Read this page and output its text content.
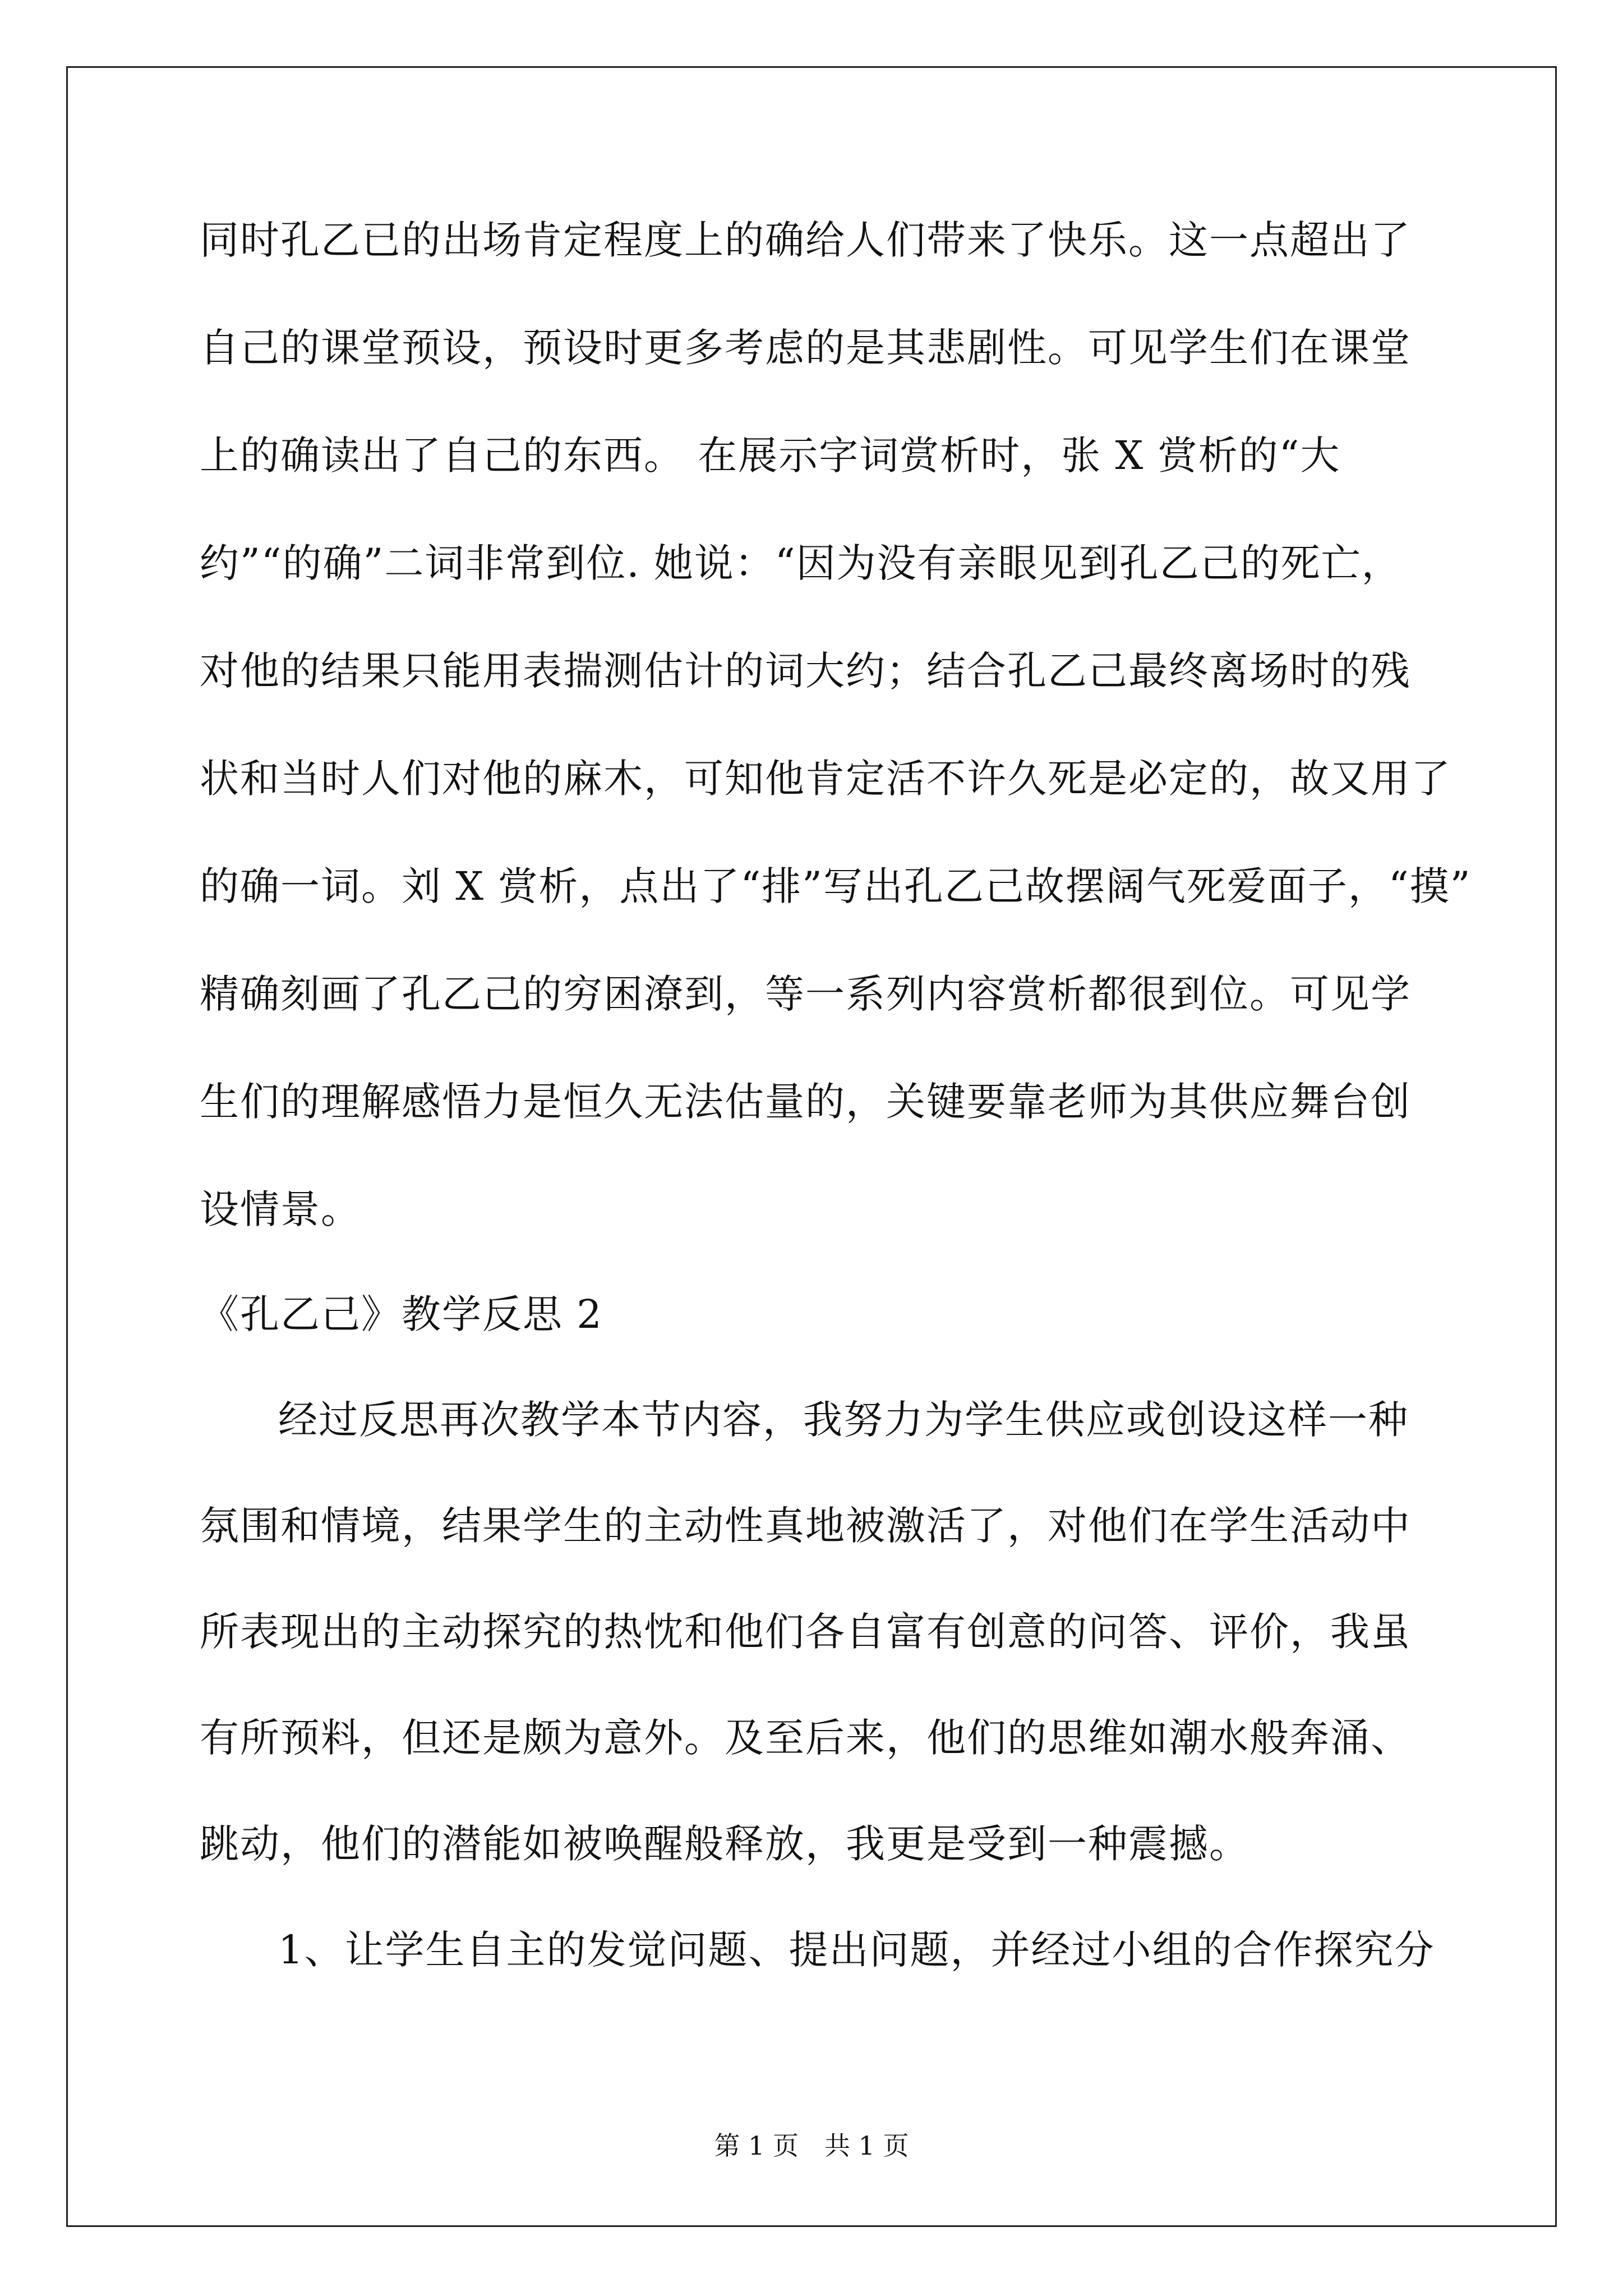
同时孔乙已的出场肯定程度上的确给人们带来了快乐。这一点超出了
自己的课堂预设，预设时更多考虑的是其悲剧性。可见学生们在课堂
上的确读出了自己的东西。 在展示字词赏析时，张 X 赏析的“大
约”“的确”二词非常到位. 她说：“因为没有亲眼见到孔乙己的死亡，
对他的结果只能用表揣测估计的词大约；结合孔乙己最终离场时的残
状和当时人们对他的麻木，可知他肯定活不许久死是必定的，故又用了
的确一词。刘 X 赏析，点出了“排”写出孔乙己故摆阔气死爱面子，“摸”
精确刻画了孔乙己的穷困潦到，等一系列内容赏析都很到位。可见学
生们的理解感悟力是恒久无法估量的，关键要靠老师为其供应舞台创
设情景。
《孔乙己》教学反思 2
经过反思再次教学本节内容，我努力为学生供应或创设这样一种
氛围和情境，结果学生的主动性真地被激活了，对他们在学生活动中
所表现出的主动探究的热忱和他们各自富有创意的问答、评价，我虽
有所预料，但还是颇为意外。及至后来，他们的思维如潮水般奔涌、
跳动，他们的潜能如被唤醒般释放，我更是受到一种震撼。
1、让学生自主的发觉问题、提出问题，并经过小组的合作探究分
第 1 页　共 1 页
